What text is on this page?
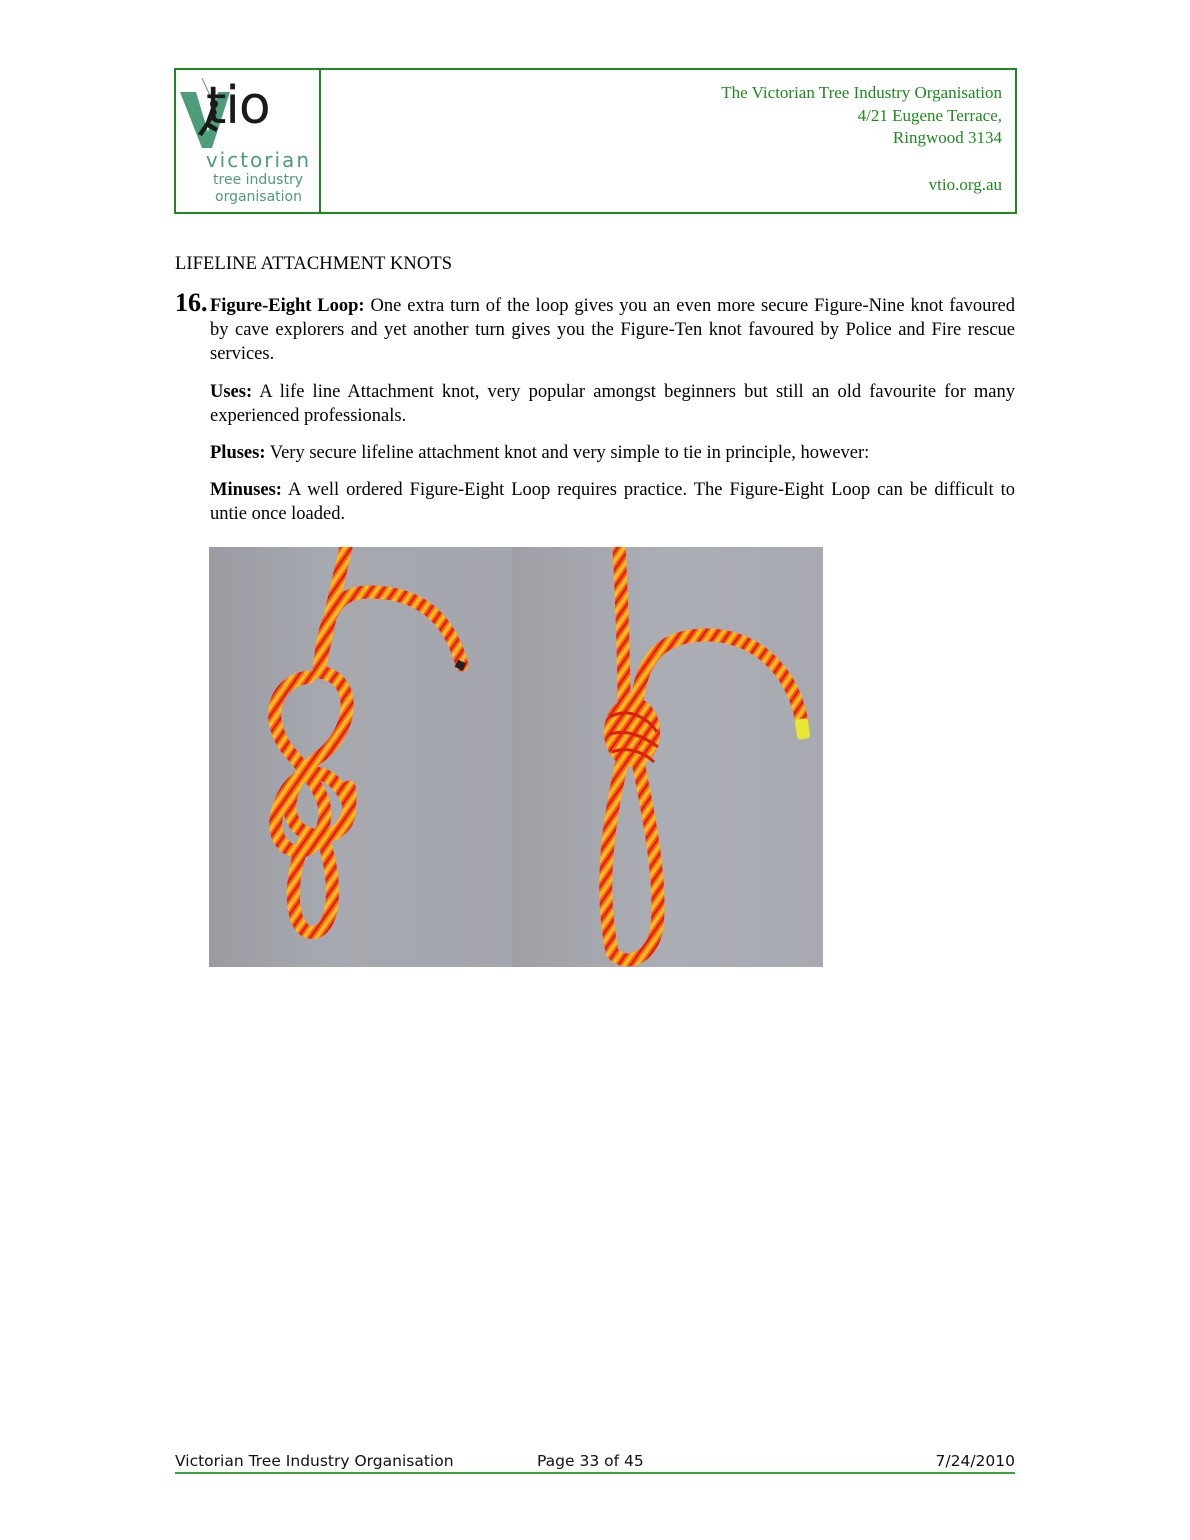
tio
victorian
tree industry
organisation
The Victorian Tree Industry Organisation
4/21 Eugene Terrace,
Ringwood 3134
vtio.org.au
LIFELINE ATTACHMENT KNOTS
16. Figure-Eight Loop: One extra turn of the loop gives you an even more secure Figure-Nine knot favoured by cave explorers and yet another turn gives you the Figure-Ten knot favoured by Police and Fire rescue services.
Uses: A life line Attachment knot, very popular amongst beginners but still an old favourite for many experienced professionals.
Pluses: Very secure lifeline attachment knot and very simple to tie in principle, however:
Minuses: A well ordered Figure-Eight Loop requires practice. The Figure-Eight Loop can be difficult to untie once loaded.
Victorian Tree Industry Organisation	Page 33 of 45	7/24/2010
